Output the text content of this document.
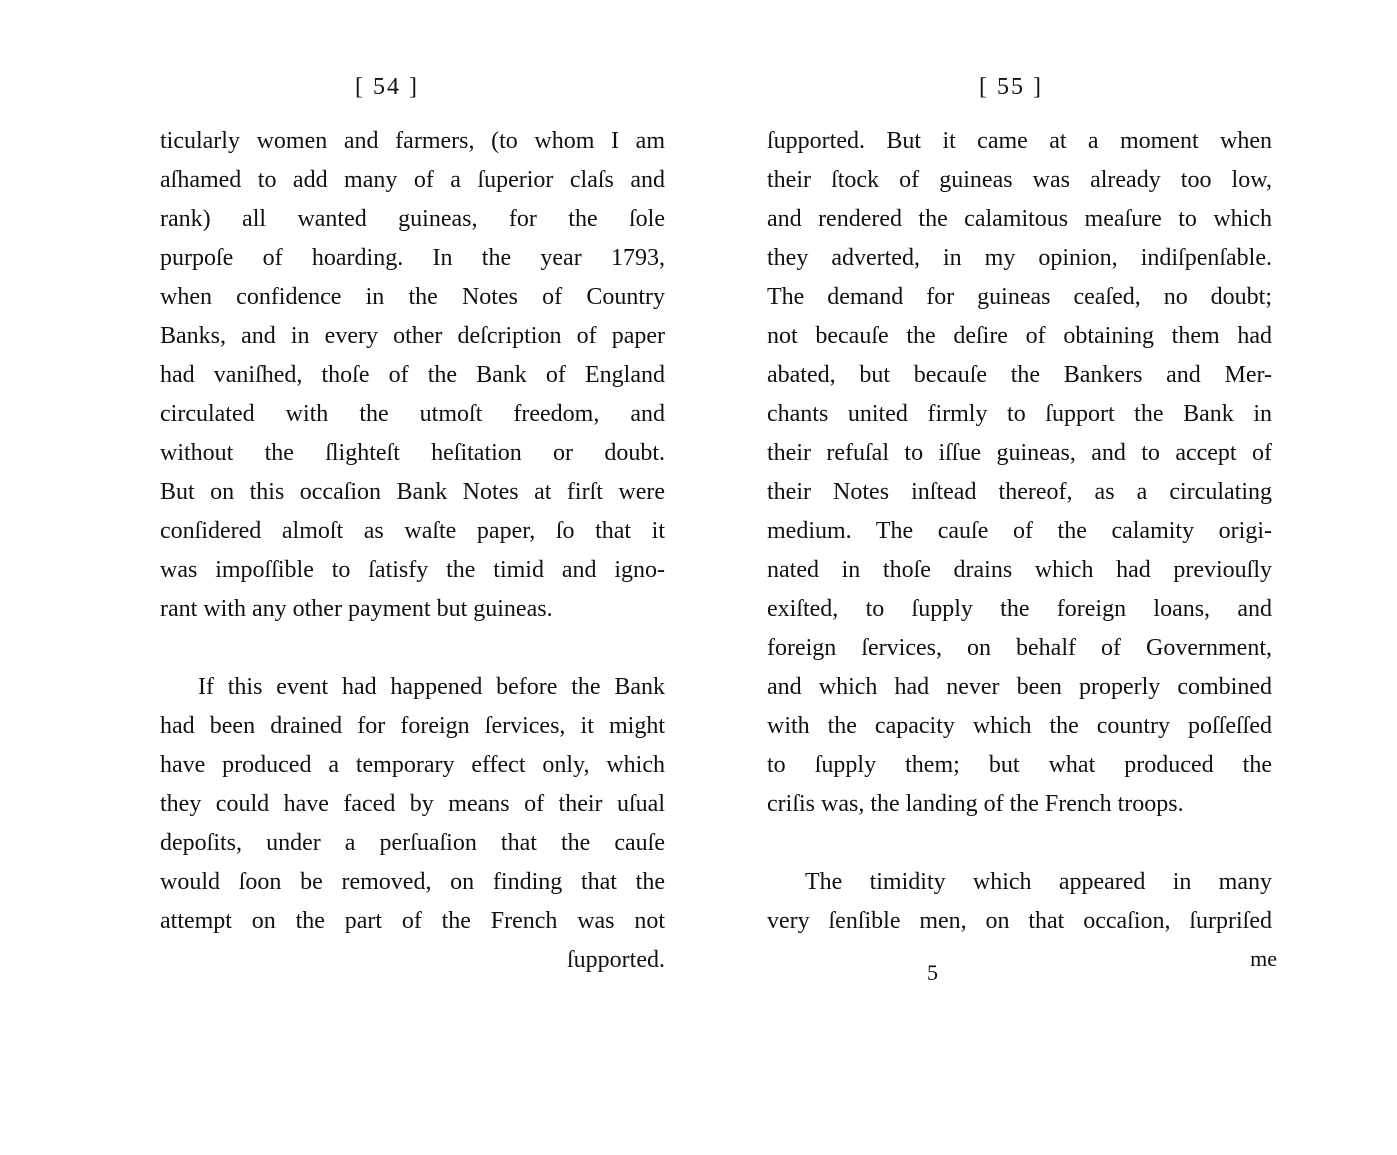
[ 54 ]
ticularly women and farmers, (to whom I am
aſhamed to add many of a ſuperior claſs and
rank) all wanted guineas, for the ſole
purpoſe of hoarding. In the year 1793,
when confidence in the Notes of Country
Banks, and in every other deſcription of paper
had vaniſhed, thoſe of the Bank of England
circulated with the utmoſt freedom, and
without the ſlighteſt heſitation or doubt.
But on this occaſion Bank Notes at firſt were
conſidered almoſt as waſte paper, ſo that it
was impoſſible to ſatisfy the timid and igno-
rant with any other payment but guineas.
If this event had happened before the Bank
had been drained for foreign ſervices, it might
have produced a temporary effect only, which
they could have faced by means of their uſual
depoſits, under a perſuaſion that the cauſe
would ſoon be removed, on finding that the
attempt on the part of the French was not
ſupported.
[ 55 ]
ſupported. But it came at a moment when
their ſtock of guineas was already too low,
and rendered the calamitous meaſure to which
they adverted, in my opinion, indiſpenſable.
The demand for guineas ceaſed, no doubt;
not becauſe the deſire of obtaining them had
abated, but becauſe the Bankers and Mer-
chants united firmly to ſupport the Bank in
their refuſal to iſſue guineas, and to accept of
their Notes inſtead thereof, as a circulating
medium. The cauſe of the calamity origi-
nated in thoſe drains which had previouſly
exiſted, to ſupply the foreign loans, and
foreign ſervices, on behalf of Government,
and which had never been properly combined
with the capacity which the country poſſeſſed
to ſupply them; but what produced the
criſis was, the landing of the French troops.
The timidity which appeared in many
very ſenſible men, on that occaſion, ſurpriſed
5
me
